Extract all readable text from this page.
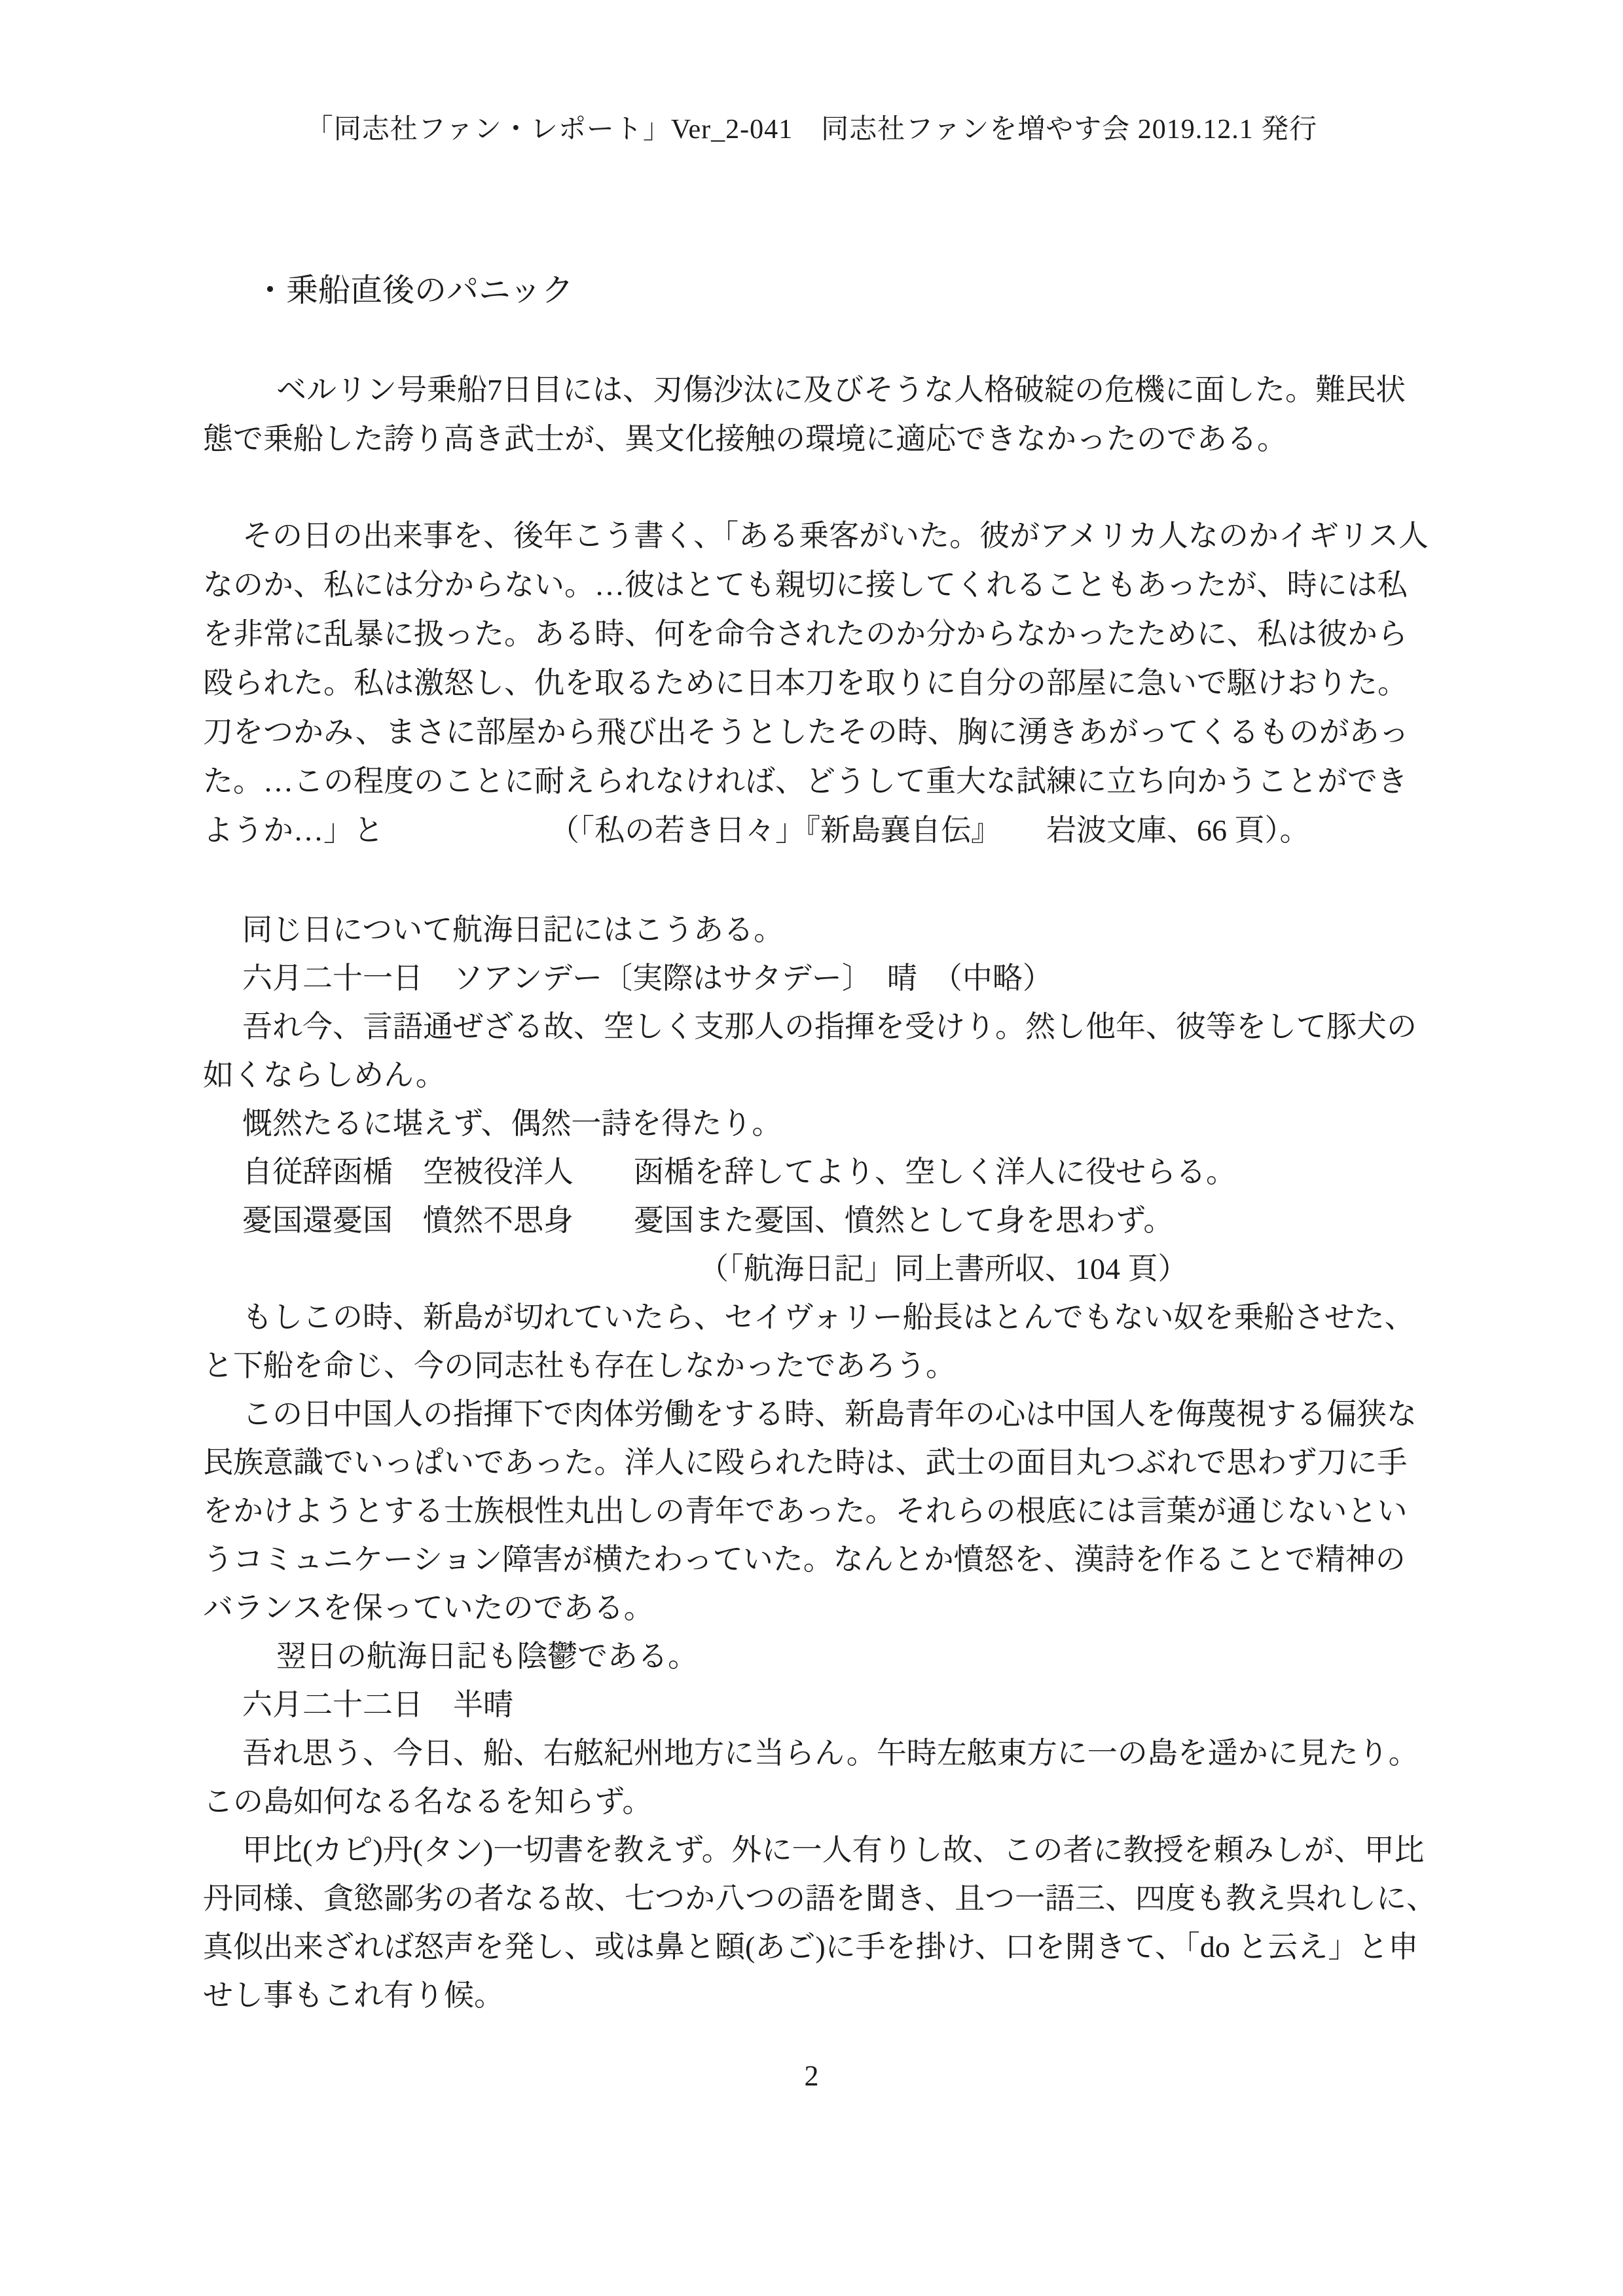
「同志社ファン・レポート」Ver_2-041　同志社ファンを増やす会 2019.12.1 発行
・乗船直後のパニック
ベルリン号乗船7日目には、刃傷沙汰に及びそうな人格破綻の危機に面した。難民状
態で乗船した誇り高き武士が、異文化接触の環境に適応できなかったのである。
その日の出来事を、後年こう書く、「ある乗客がいた。彼がアメリカ人なのかイギリス人
なのか、私には分からない。…彼はとても親切に接してくれることもあったが、時には私
を非常に乱暴に扱った。ある時、何を命令されたのか分からなかったために、私は彼から
殴られた。私は激怒し、仇を取るために日本刀を取りに自分の部屋に急いで駆けおりた。
刀をつかみ、まさに部屋から飛び出そうとしたその時、胸に湧きあがってくるものがあっ
た。…この程度のことに耐えられなければ、どうして重大な試練に立ち向かうことができ
ようか…」と　　　　　　（「私の若き日々」『新島襄自伝』　　岩波文庫、66 頁）。
同じ日について航海日記にはこうある。
六月二十一日　ソアンデー〔実際はサタデー〕　晴　（中略）
吾れ今、言語通ぜざる故、空しく支那人の指揮を受けり。然し他年、彼等をして豚犬の
如くならしめん。
慨然たるに堪えず、偶然一詩を得たり。
自従辞函楯　空被役洋人　　函楯を辞してより、空しく洋人に役せらる。
憂国還憂国　憤然不思身　　憂国また憂国、憤然として身を思わず。
（「航海日記」同上書所収、104 頁）
もしこの時、新島が切れていたら、セイヴォリー船長はとんでもない奴を乗船させた、
と下船を命じ、今の同志社も存在しなかったであろう。
この日中国人の指揮下で肉体労働をする時、新島青年の心は中国人を侮蔑視する偏狭な
民族意識でいっぱいであった。洋人に殴られた時は、武士の面目丸つぶれで思わず刀に手
をかけようとする士族根性丸出しの青年であった。それらの根底には言葉が通じないとい
うコミュニケーション障害が横たわっていた。なんとか憤怒を、漢詩を作ることで精神の
バランスを保っていたのである。
翌日の航海日記も陰鬱である。
六月二十二日　半晴
吾れ思う、今日、船、右舷紀州地方に当らん。午時左舷東方に一の島を遥かに見たり。
この島如何なる名なるを知らず。
甲比(カピ)丹(タン)一切書を教えず。外に一人有りし故、この者に教授を頼みしが、甲比
丹同様、貪慾鄙劣の者なる故、七つか八つの語を聞き、且つ一語三、四度も教え呉れしに、
真似出来ざれば怒声を発し、或は鼻と頤(あご)に手を掛け、口を開きて、「do と云え」と申
せし事もこれ有り候。
2
